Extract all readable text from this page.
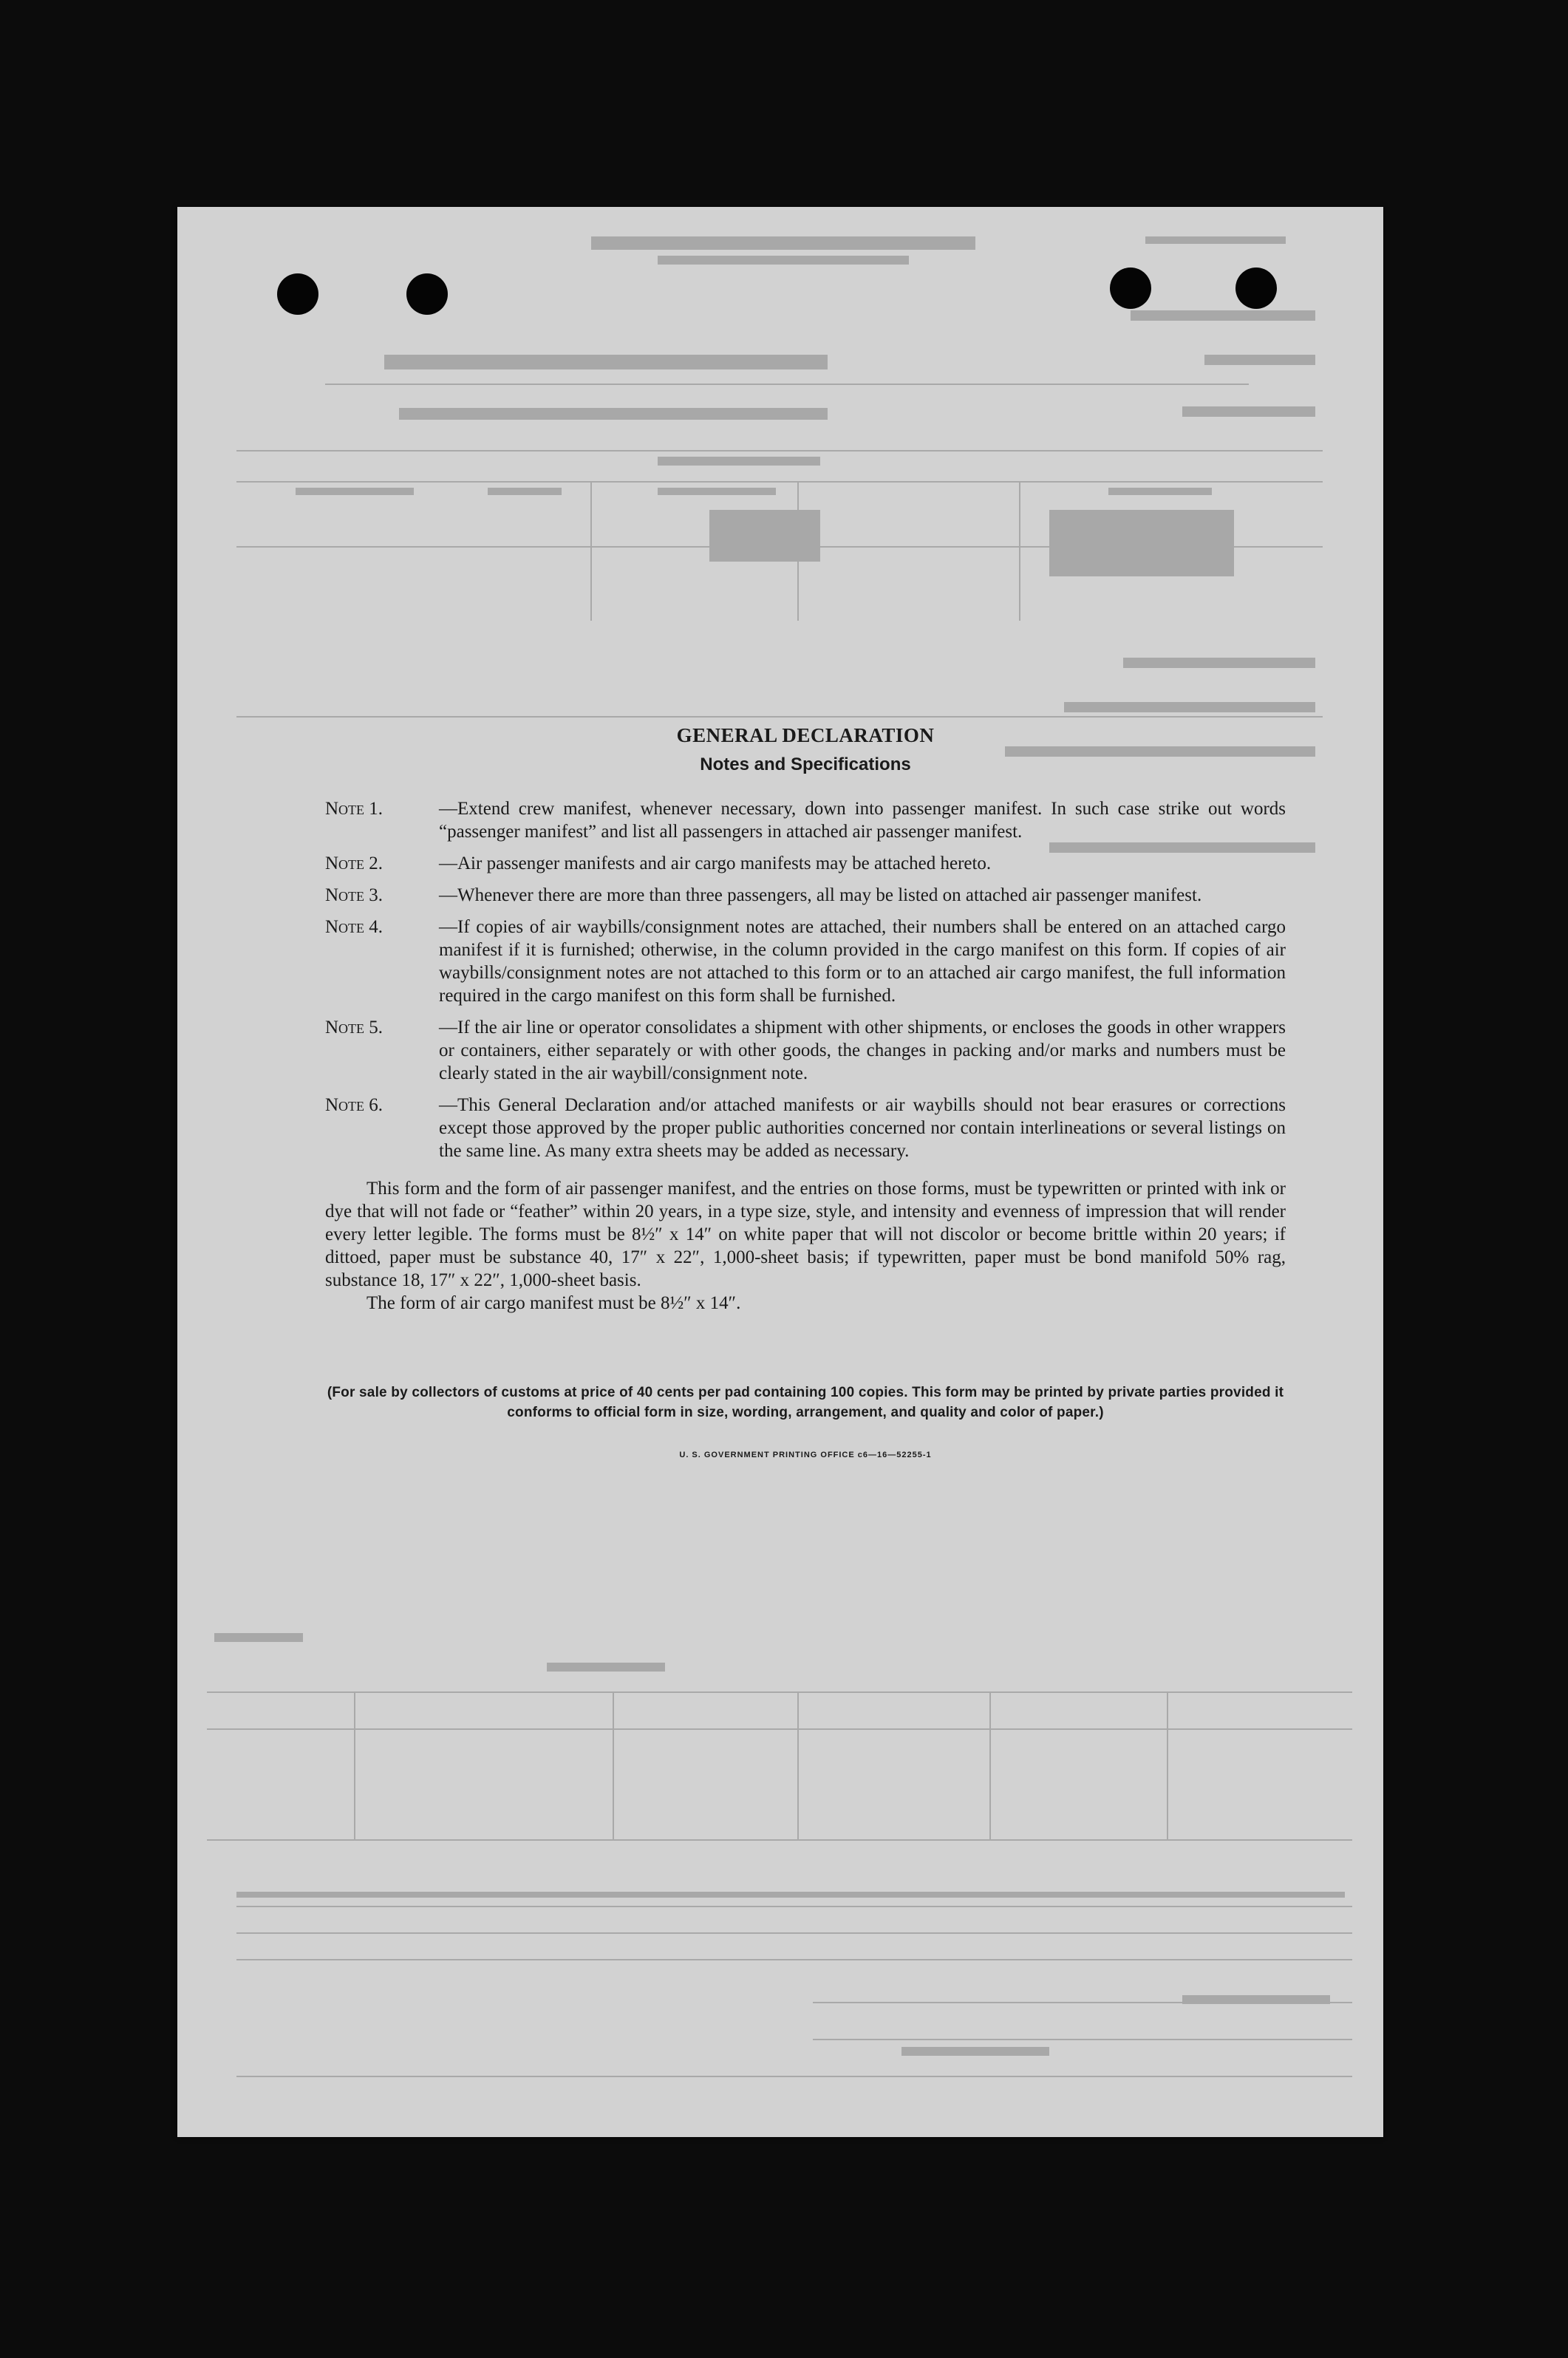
GENERAL DECLARATION
Notes and Specifications
Note 1.	—Extend crew manifest, whenever necessary, down into passenger manifest. In such case strike out words “passenger manifest” and list all passengers in attached air passenger manifest.
Note 2.	—Air passenger manifests and air cargo manifests may be attached hereto.
Note 3.	—Whenever there are more than three passengers, all may be listed on attached air passenger manifest.
Note 4.	—If copies of air waybills/consignment notes are attached, their numbers shall be entered on an attached cargo manifest if it is furnished; otherwise, in the column provided in the cargo manifest on this form. If copies of air waybills/consignment notes are not attached to this form or to an attached air cargo manifest, the full information required in the cargo manifest on this form shall be furnished.
Note 5.	—If the air line or operator consolidates a shipment with other shipments, or encloses the goods in other wrappers or containers, either separately or with other goods, the changes in packing and/or marks and numbers must be clearly stated in the air waybill/consignment note.
Note 6.	—This General Declaration and/or attached manifests or air waybills should not bear erasures or corrections except those approved by the proper public authorities concerned nor contain interlineations or several listings on the same line. As many extra sheets may be added as necessary.

This form and the form of air passenger manifest, and the entries on those forms, must be typewritten or printed with ink or dye that will not fade or “feather” within 20 years, in a type size, style, and intensity and evenness of impression that will render every letter legible. The forms must be 8½″ x 14″ on white paper that will not discolor or become brittle within 20 years; if dittoed, paper must be substance 40, 17″ x 22″, 1,000-sheet basis; if typewritten, paper must be bond manifold 50% rag, substance 18, 17″ x 22″, 1,000-sheet basis.

The form of air cargo manifest must be 8½″ x 14″.

(For sale by collectors of customs at price of 40 cents per pad containing 100 copies. This form may be printed by private parties provided it conforms to official form in size, wording, arrangement, and quality and color of paper.)

U. S. GOVERNMENT PRINTING OFFICE c6—16—52255-1
